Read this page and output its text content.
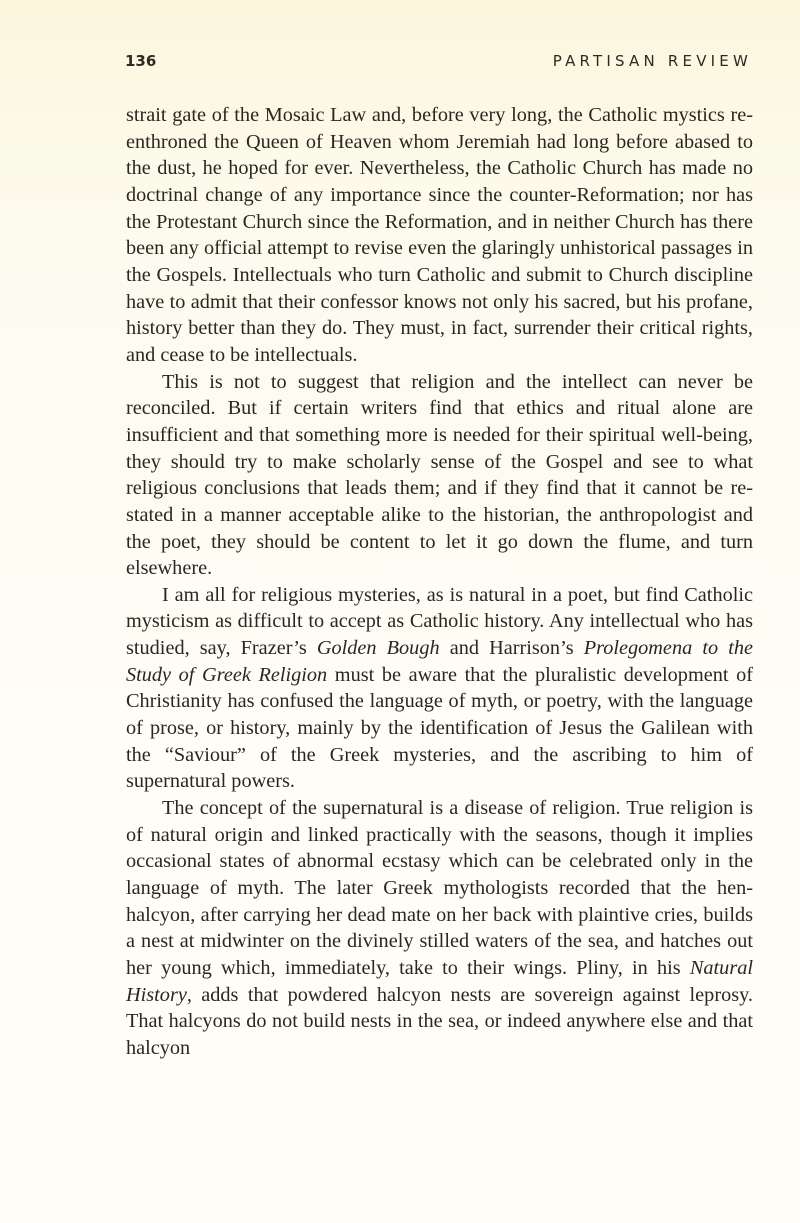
136	PARTISAN REVIEW

strait gate of the Mosaic Law and, before very long, the Catholic mystics re-enthroned the Queen of Heaven whom Jeremiah had long before abased to the dust, he hoped for ever. Nevertheless, the Catholic Church has made no doctrinal change of any importance since the counter-Reformation; nor has the Protestant Church since the Reformation, and in neither Church has there been any official attempt to revise even the glaringly unhistorical passages in the Gospels. Intellectuals who turn Catholic and submit to Church discipline have to admit that their confessor knows not only his sacred, but his profane, history better than they do. They must, in fact, surrender their critical rights, and cease to be intellectuals.

This is not to suggest that religion and the intellect can never be reconciled. But if certain writers find that ethics and ritual alone are insufficient and that something more is needed for their spiritual well-being, they should try to make scholarly sense of the Gospel and see to what religious conclusions that leads them; and if they find that it cannot be re-stated in a manner acceptable alike to the historian, the anthropologist and the poet, they should be content to let it go down the flume, and turn elsewhere.

I am all for religious mysteries, as is natural in a poet, but find Catholic mysticism as difficult to accept as Catholic history. Any intellectual who has studied, say, Frazer’s Golden Bough and Harrison’s Prolegomena to the Study of Greek Religion must be aware that the pluralistic development of Christianity has confused the language of myth, or poetry, with the language of prose, or history, mainly by the identification of Jesus the Galilean with the “Saviour” of the Greek mysteries, and the ascribing to him of supernatural powers.

The concept of the supernatural is a disease of religion. True religion is of natural origin and linked practically with the seasons, though it implies occasional states of abnormal ecstasy which can be celebrated only in the language of myth. The later Greek mythologists recorded that the hen-halcyon, after carrying her dead mate on her back with plaintive cries, builds a nest at midwinter on the divinely stilled waters of the sea, and hatches out her young which, immediately, take to their wings. Pliny, in his Natural History, adds that powdered halcyon nests are sovereign against leprosy. That halcyons do not build nests in the sea, or indeed anywhere else and that halcyon
